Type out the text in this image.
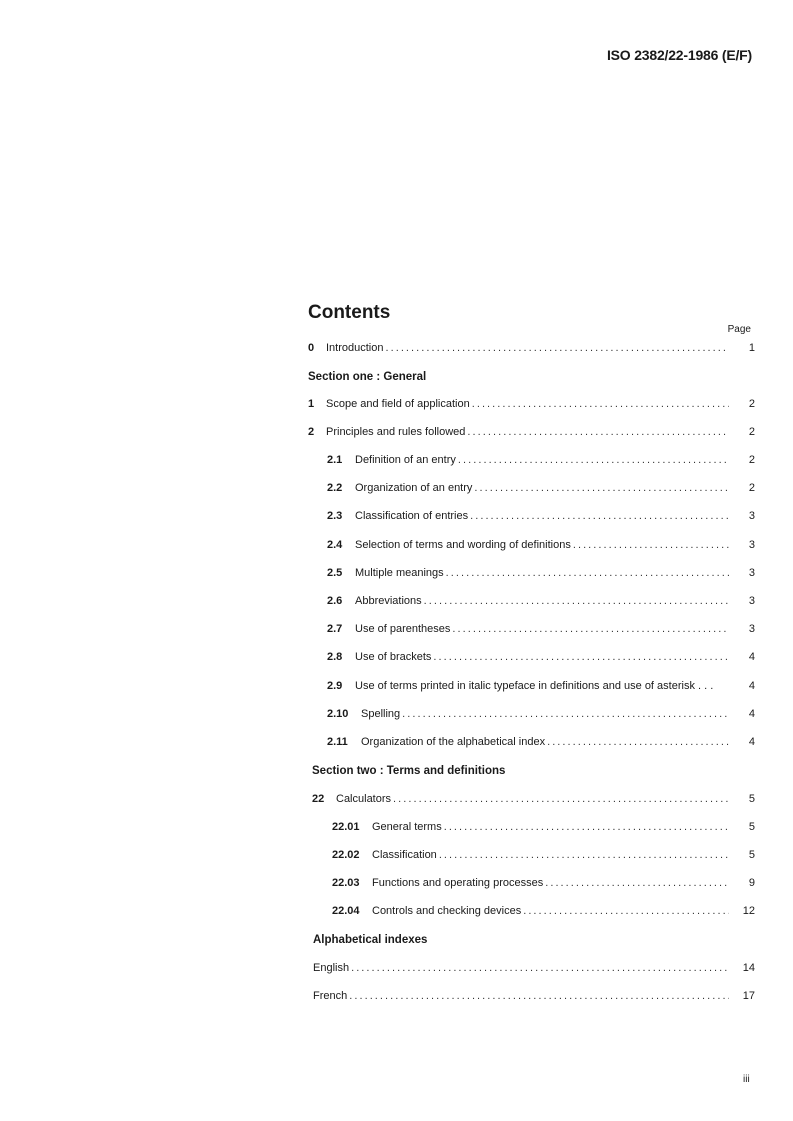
ISO 2382/22-1986 (E/F)
Contents
Page
0	Introduction . . .	1
Section one : General
1	Scope and field of application . . .	2
2	Principles and rules followed . . .	2
2.1	Definition of an entry . . .	2
2.2	Organization of an entry . . .	2
2.3	Classification of entries . . .	3
2.4	Selection of terms and wording of definitions . . .	3
2.5	Multiple meanings . . .	3
2.6	Abbreviations . . .	3
2.7	Use of parentheses . . .	3
2.8	Use of brackets . . .	4
2.9	Use of terms printed in italic typeface in definitions and use of asterisk . . .	4
2.10	Spelling . . .	4
2.11	Organization of the alphabetical index . . .	4
Section two : Terms and definitions
22	Calculators . . .	5
22.01	General terms . . .	5
22.02	Classification . . .	5
22.03	Functions and operating processes . . .	9
22.04	Controls and checking devices . . .	12
Alphabetical indexes
English . . .	14
French . . .	17
iii
